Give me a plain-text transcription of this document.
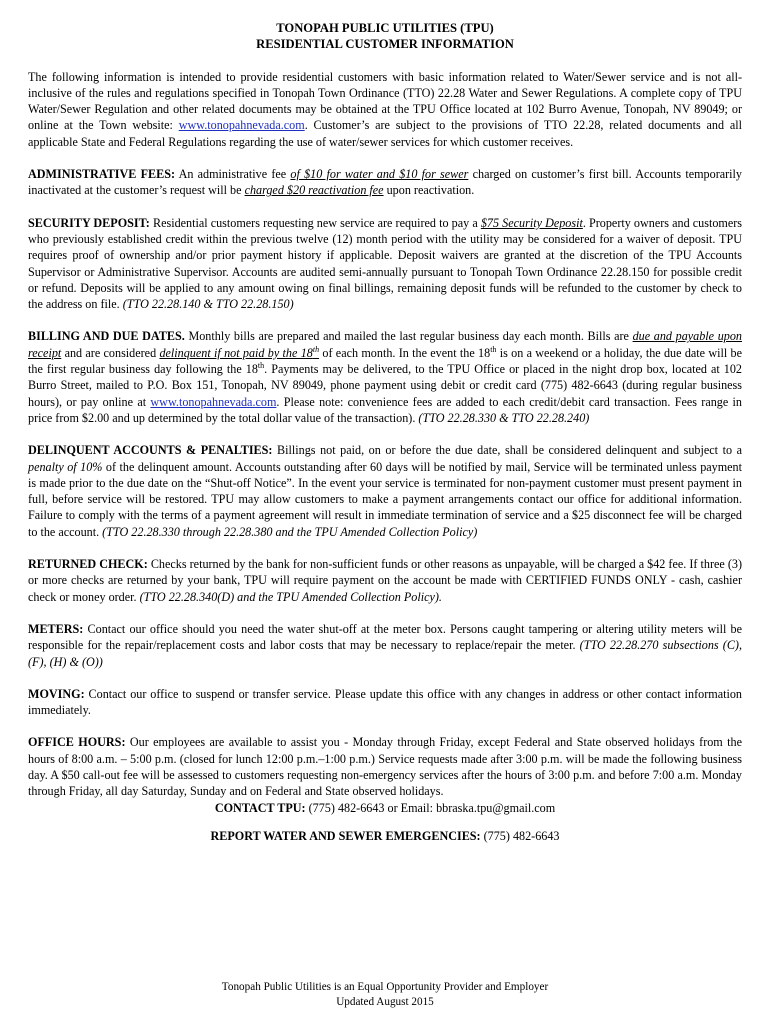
TONOPAH PUBLIC UTILITIES (TPU)
RESIDENTIAL CUSTOMER INFORMATION

The following information is intended to provide residential customers with basic information related to Water/Sewer service and is not all-inclusive of the rules and regulations specified in Tonopah Town Ordinance (TTO) 22.28 Water and Sewer Regulations. A complete copy of TPU Water/Sewer Regulation and other related documents may be obtained at the TPU Office located at 102 Burro Avenue, Tonopah, NV 89049; or online at the Town website: www.tonopahnevada.com. Customer’s are subject to the provisions of TTO 22.28, related documents and all applicable State and Federal Regulations regarding the use of water/sewer services for which customer receives.

ADMINISTRATIVE FEES: An administrative fee of $10 for water and $10 for sewer charged on customer’s first bill. Accounts temporarily inactivated at the customer’s request will be charged $20 reactivation fee upon reactivation.

SECURITY DEPOSIT: Residential customers requesting new service are required to pay a $75 Security Deposit. Property owners and customers who previously established credit within the previous twelve (12) month period with the utility may be considered for a waiver of deposit. TPU requires proof of ownership and/or prior payment history if applicable. Deposit waivers are granted at the discretion of the TPU Accounts Supervisor or Administrative Supervisor. Accounts are audited semi-annually pursuant to Tonopah Town Ordinance 22.28.150 for possible credit or refund. Deposits will be applied to any amount owing on final billings, remaining deposit funds will be refunded to the customer by check to the address on file. (TTO 22.28.140 & TTO 22.28.150)

BILLING AND DUE DATES. Monthly bills are prepared and mailed the last regular business day each month. Bills are due and payable upon receipt and are considered delinquent if not paid by the 18th of each month. In the event the 18th is on a weekend or a holiday, the due date will be the first regular business day following the 18th. Payments may be delivered, to the TPU Office or placed in the night drop box, located at 102 Burro Street, mailed to P.O. Box 151, Tonopah, NV 89049, phone payment using debit or credit card (775) 482-6643 (during regular business hours), or pay online at www.tonopahnevada.com. Please note: convenience fees are added to each credit/debit card transaction. Fees range in price from $2.00 and up determined by the total dollar value of the transaction). (TTO 22.28.330 & TTO 22.28.240)

DELINQUENT ACCOUNTS & PENALTIES: Billings not paid, on or before the due date, shall be considered delinquent and subject to a penalty of 10% of the delinquent amount. Accounts outstanding after 60 days will be notified by mail, Service will be terminated unless payment is made prior to the due date on the “Shut-off Notice”. In the event your service is terminated for non-payment customer must present payment in full, before service will be restored. TPU may allow customers to make a payment arrangements contact our office for additional information. Failure to comply with the terms of a payment agreement will result in immediate termination of service and a $25 disconnect fee will be charged to the account. (TTO 22.28.330 through 22.28.380 and the TPU Amended Collection Policy)

RETURNED CHECK: Checks returned by the bank for non-sufficient funds or other reasons as unpayable, will be charged a $42 fee. If three (3) or more checks are returned by your bank, TPU will require payment on the account be made with CERTIFIED FUNDS ONLY - cash, cashier check or money order. (TTO 22.28.340(D) and the TPU Amended Collection Policy).

METERS: Contact our office should you need the water shut-off at the meter box. Persons caught tampering or altering utility meters will be responsible for the repair/replacement costs and labor costs that may be necessary to replace/repair the meter. (TTO 22.28.270 subsections (C), (F), (H) & (O))

MOVING: Contact our office to suspend or transfer service. Please update this office with any changes in address or other contact information immediately.

OFFICE HOURS: Our employees are available to assist you - Monday through Friday, except Federal and State observed holidays from the hours of 8:00 a.m. – 5:00 p.m. (closed for lunch 12:00 p.m.–1:00 p.m.) Service requests made after 3:00 p.m. will be made the following business day. A $50 call-out fee will be assessed to customers requesting non-emergency services after the hours of 3:00 p.m. and before 7:00 a.m. Monday through Friday, all day Saturday, Sunday and on Federal and State observed holidays.

CONTACT TPU: (775) 482-6643 or Email: bbraska.tpu@gmail.com
REPORT WATER AND SEWER EMERGENCIES: (775) 482-6643
Tonopah Public Utilities is an Equal Opportunity Provider and Employer
Updated August 2015
